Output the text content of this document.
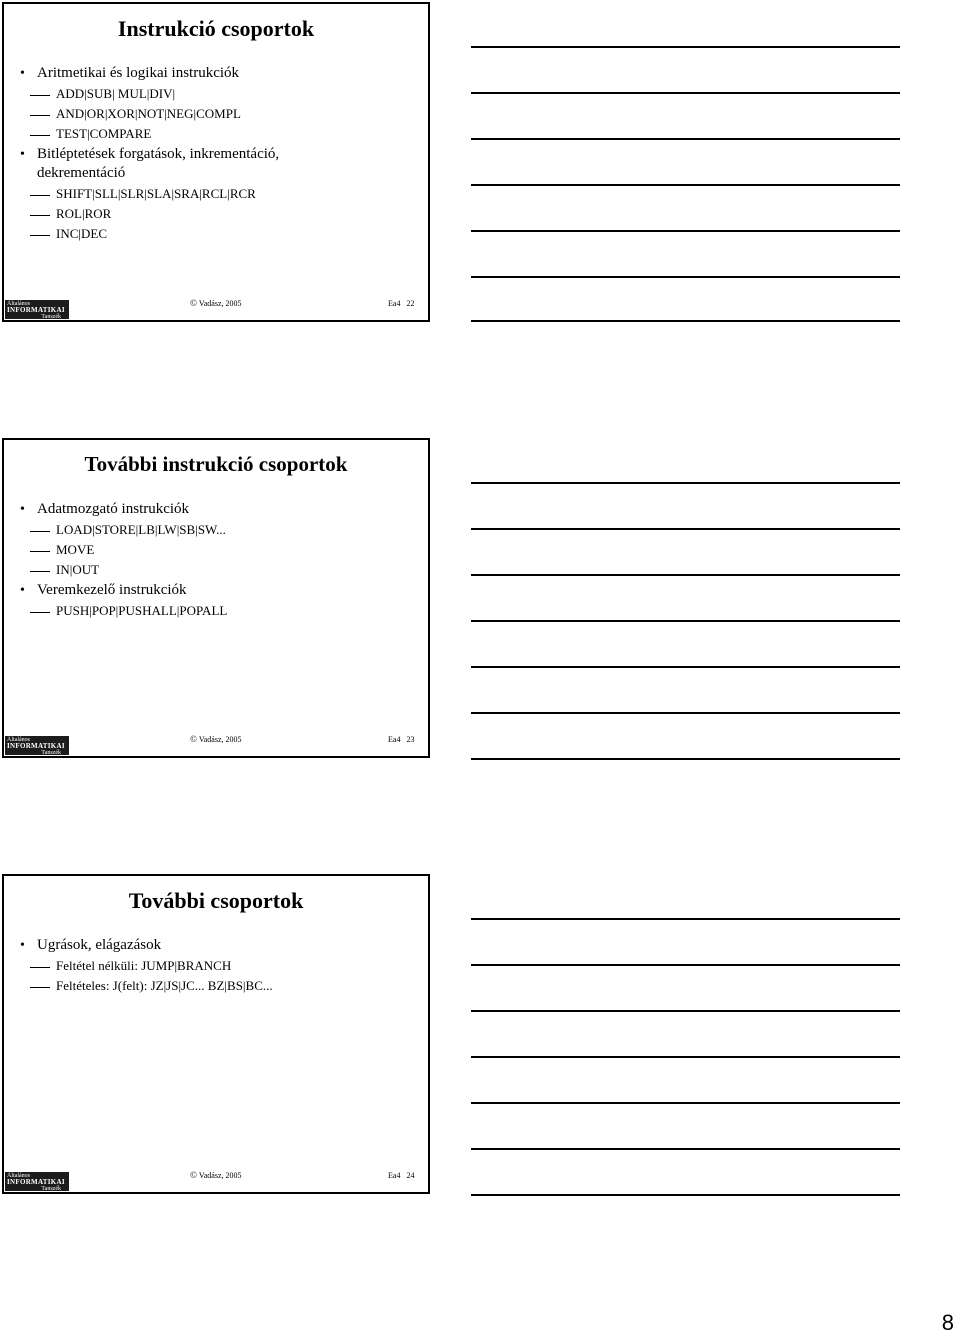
Instrukció csoportok
• Aritmetikai és logikai instrukciók
ADD|SUB| MUL|DIV|
AND|OR|XOR|NOT|NEG|COMPL
TEST|COMPARE
• Bitléptetések forgatások, inkrementáció, dekrementáció
SHIFT|SLL|SLR|SLA|SRA|RCL|RCR
ROL|ROR
INC|DEC
Általános
INFORMATIKAI
Tanszék
© Vadász, 2005	Ea4 22
További instrukció csoportok
• Adatmozgató instrukciók
LOAD|STORE|LB|LW|SB|SW...
MOVE
IN|OUT
• Veremkezelő instrukciók
PUSH|POP|PUSHALL|POPALL
Általános
INFORMATIKAI
Tanszék
© Vadász, 2005	Ea4 23
További csoportok
• Ugrások, elágazások
Feltétel nélküli: JUMP|BRANCH
Feltételes: J(felt): JZ|JS|JC... BZ|BS|BC...
Általános
INFORMATIKAI
Tanszék
© Vadász, 2005	Ea4 24
8
